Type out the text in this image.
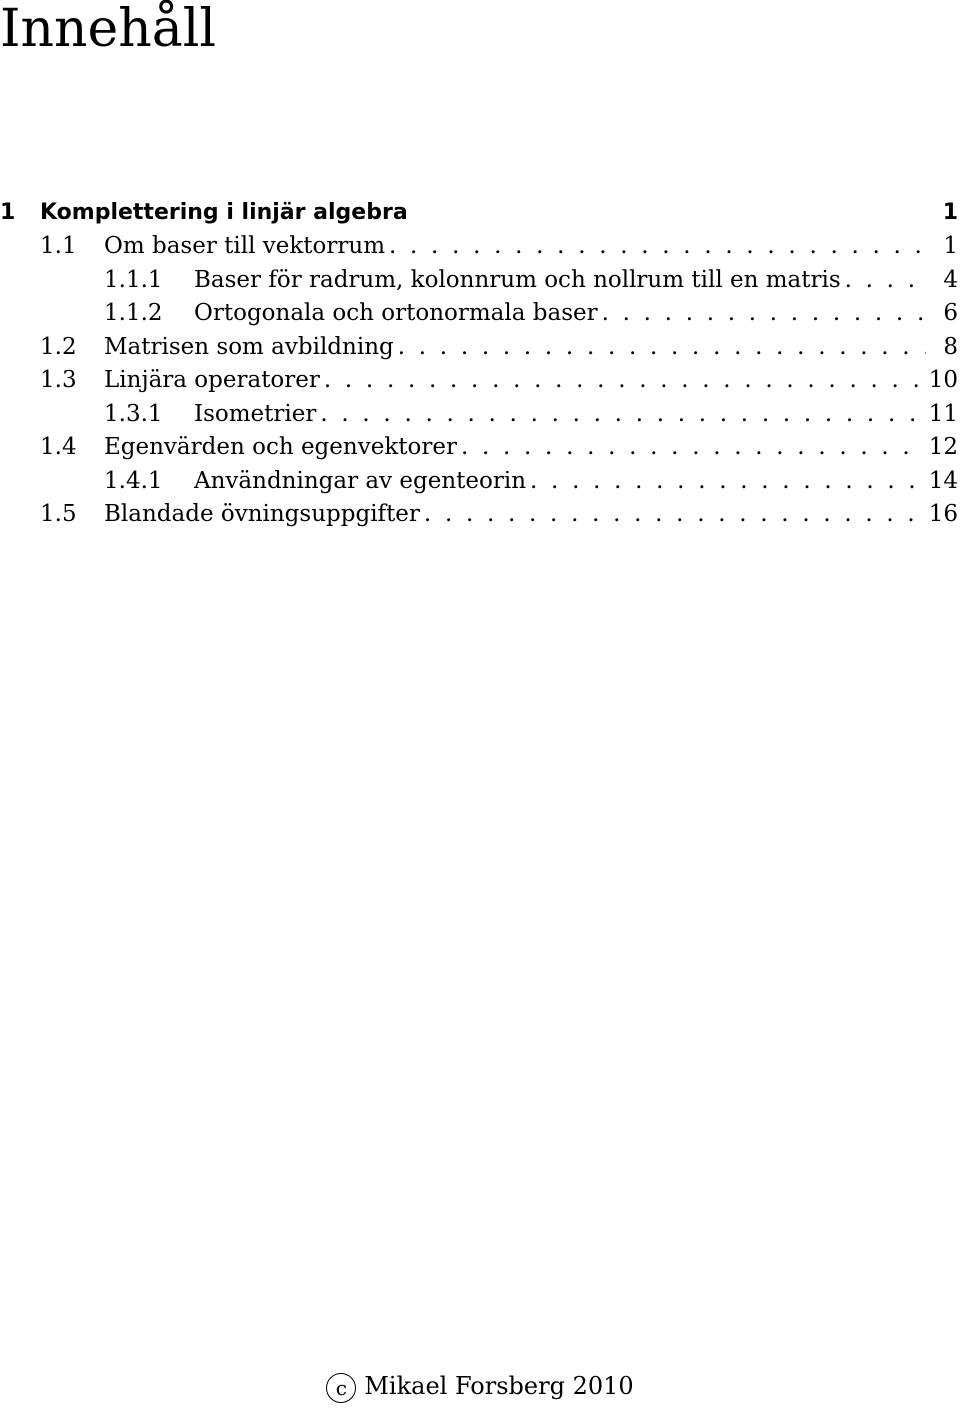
Innehåll
1	Komplettering i linjär algebra	1
1.1	Om baser till vektorrum . . .	1
1.1.1	Baser för radrum, kolonnrum och nollrum till en matris . . .	4
1.1.2	Ortogonala och ortonormala baser . . .	6
1.2	Matrisen som avbildning . . .	8
1.3	Linjära operatorer . . .	10
1.3.1	Isometrier . . .	11
1.4	Egenvärden och egenvektorer . . .	12
1.4.1	Användningar av egenteorin . . .	14
1.5	Blandade övningsuppgifter . . .	16
c Mikael Forsberg 2010
